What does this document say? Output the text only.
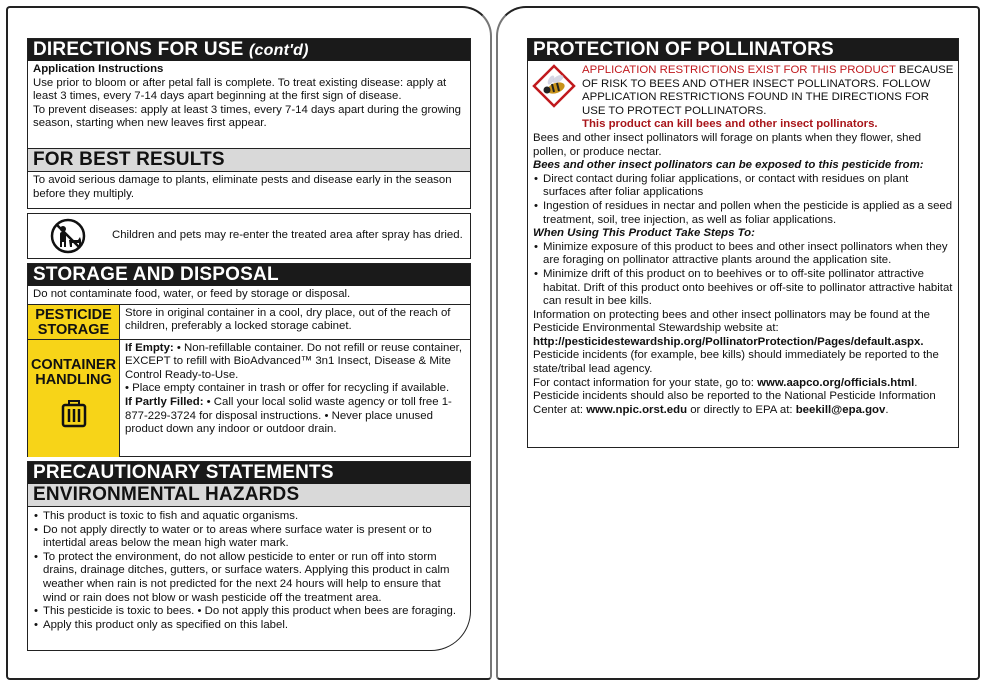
DIRECTIONS FOR USE (cont'd)
Application Instructions
Use prior to bloom or after petal fall is complete. To treat existing disease: apply at least 3 times, every 7-14 days apart beginning at the first sign of disease.
To prevent diseases: apply at least 3 times, every 7-14 days apart during the growing season, starting when new leaves first appear.
FOR BEST RESULTS
To avoid serious damage to plants, eliminate pests and disease early in the season before they multiply.
Children and pets may re-enter the treated area after spray has dried.
STORAGE AND DISPOSAL
Do not contaminate food, water, or feed by storage or disposal.
PESTICIDE
STORAGE
Store in original container in a cool, dry place, out of the reach of children, preferably a locked storage cabinet.
CONTAINER
HANDLING
If Empty: • Non-refillable container. Do not refill or reuse container, EXCEPT to refill with BioAdvanced™ 3n1 Insect, Disease & Mite Control Ready-to-Use.
• Place empty container in trash or offer for recycling if available.
If Partly Filled: • Call your local solid waste agency or toll free 1-877-229-3724 for disposal instructions. • Never place unused product down any indoor or outdoor drain.
PRECAUTIONARY STATEMENTS
ENVIRONMENTAL HAZARDS
• This product is toxic to fish and aquatic organisms.
• Do not apply directly to water or to areas where surface water is present or to intertidal areas below the mean high water mark.
• To protect the environment, do not allow pesticide to enter or run off into storm drains, drainage ditches, gutters, or surface waters. Applying this product in calm weather when rain is not predicted for the next 24 hours will help to ensure that wind or rain does not blow or wash pesticide off the treatment area.
• This pesticide is toxic to bees. • Do not apply this product when bees are foraging.
• Apply this product only as specified on this label.
PROTECTION OF POLLINATORS
APPLICATION RESTRICTIONS EXIST FOR THIS PRODUCT BECAUSE OF RISK TO BEES AND OTHER INSECT POLLINATORS. FOLLOW APPLICATION RESTRICTIONS FOUND IN THE DIRECTIONS FOR USE TO PROTECT POLLINATORS.
This product can kill bees and other insect pollinators.
Bees and other insect pollinators will forage on plants when they flower, shed pollen, or produce nectar.
Bees and other insect pollinators can be exposed to this pesticide from:
• Direct contact during foliar applications, or contact with residues on plant surfaces after foliar applications
• Ingestion of residues in nectar and pollen when the pesticide is applied as a seed treatment, soil, tree injection, as well as foliar applications.
When Using This Product Take Steps To:
• Minimize exposure of this product to bees and other insect pollinators when they are foraging on pollinator attractive plants around the application site.
• Minimize drift of this product on to beehives or to off-site pollinator attractive habitat. Drift of this product onto beehives or off-site to pollinator attractive habitat can result in bee kills.
Information on protecting bees and other insect pollinators may be found at the Pesticide Environmental Stewardship website at:
http://pesticidestewardship.org/PollinatorProtection/Pages/default.aspx.
Pesticide incidents (for example, bee kills) should immediately be reported to the state/tribal lead agency.
For contact information for your state, go to: www.aapco.org/officials.html. Pesticide incidents should also be reported to the National Pesticide Information Center at: www.npic.orst.edu or directly to EPA at: beekill@epa.gov.
